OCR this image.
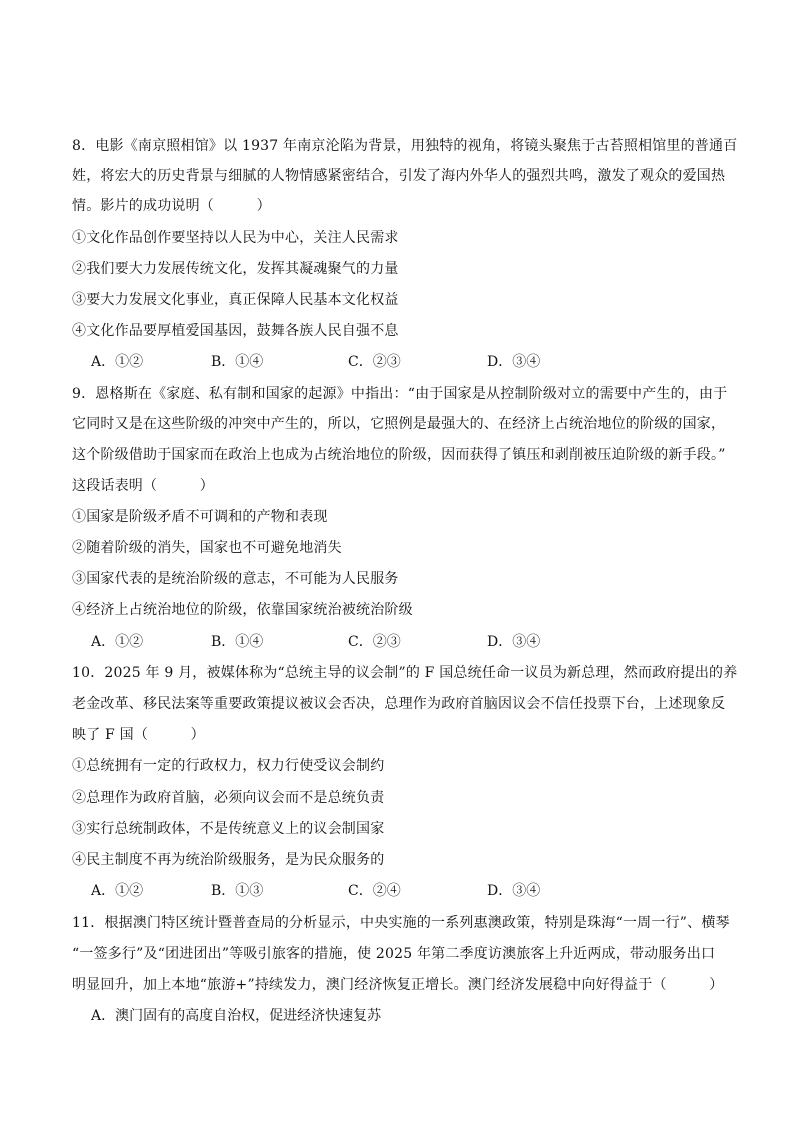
8．电影《南京照相馆》以 1937 年南京沦陷为背景，用独特的视角，将镜头聚焦于古苔照相馆里的普通百
姓，将宏大的历史背景与细腻的人物情感紧密结合，引发了海内外华人的强烈共鸣，激发了观众的爱国热
情。影片的成功说明（　　　）
①文化作品创作要坚持以人民为中心，关注人民需求
②我们要大力发展传统文化，发挥其凝魂聚气的力量
③要大力发展文化事业，真正保障人民基本文化权益
④文化作品要厚植爱国基因，鼓舞各族人民自强不息
A．①②	B．①④	C．②③	D．③④
9．恩格斯在《家庭、私有制和国家的起源》中指出：“由于国家是从控制阶级对立的需要中产生的，由于
它同时又是在这些阶级的冲突中产生的，所以，它照例是最强大的、在经济上占统治地位的阶级的国家，
这个阶级借助于国家而在政治上也成为占统治地位的阶级，因而获得了镇压和剥削被压迫阶级的新手段。”
这段话表明（　　　）
①国家是阶级矛盾不可调和的产物和表现
②随着阶级的消失，国家也不可避免地消失
③国家代表的是统治阶级的意志，不可能为人民服务
④经济上占统治地位的阶级，依靠国家统治被统治阶级
A．①②	B．①④	C．②③	D．③④
10．2025 年 9 月，被媒体称为“总统主导的议会制”的 F 国总统任命一议员为新总理，然而政府提出的养
老金改革、移民法案等重要政策提议被议会否决，总理作为政府首脑因议会不信任投票下台，上述现象反
映了 F 国（　　　）
①总统拥有一定的行政权力，权力行使受议会制约
②总理作为政府首脑，必须向议会而不是总统负责
③实行总统制政体，不是传统意义上的议会制国家
④民主制度不再为统治阶级服务，是为民众服务的
A．①②	B．①③	C．②④	D．③④
11．根据澳门特区统计暨普查局的分析显示，中央实施的一系列惠澳政策，特别是珠海“一周一行”、横琴
“一签多行”及“团进团出”等吸引旅客的措施，使 2025 年第二季度访澳旅客上升近两成，带动服务出口
明显回升，加上本地“旅游+”持续发力，澳门经济恢复正增长。澳门经济发展稳中向好得益于（　　　）
A．澳门固有的高度自治权，促进经济快速复苏
